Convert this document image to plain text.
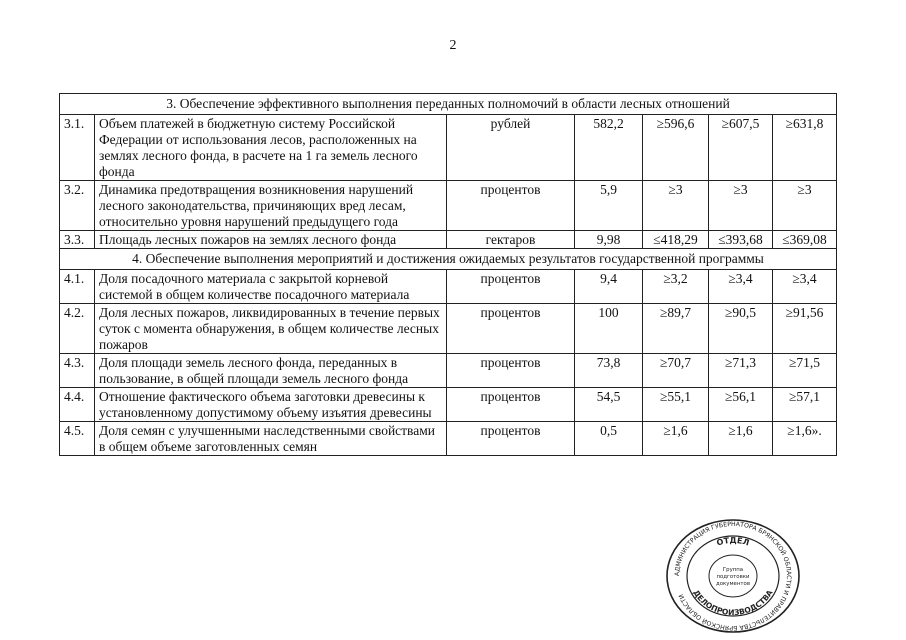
2
3. Обеспечение эффективного выполнения переданных полномочий в области лесных отношений						
3.1.	Объем платежей в бюджетную систему Российской Федерации от использования лесов, расположенных на землях лесного фонда, в расчете на 1 га земель лесного фонда	рублей	582,2	≥596,6	≥607,5	≥631,8
3.2.	Динамика предотвращения возникновения нарушений лесного законодательства, причиняющих вред лесам, относительно уровня нарушений предыдущего года	процентов	5,9	≥3	≥3	≥3
3.3.	Площадь лесных пожаров на землях лесного фонда	гектаров	9,98	≤418,29	≤393,68	≤369,08
4. Обеспечение выполнения мероприятий и достижения ожидаемых результатов государственной программы						
4.1.	Доля посадочного материала с закрытой корневой системой в общем количестве посадочного материала	процентов	9,4	≥3,2	≥3,4	≥3,4
4.2.	Доля лесных пожаров, ликвидированных в течение первых суток с момента обнаружения, в общем количестве лесных пожаров	процентов	100	≥89,7	≥90,5	≥91,56
4.3.	Доля площади земель лесного фонда, переданных в пользование, в общей площади земель лесного фонда	процентов	73,8	≥70,7	≥71,3	≥71,5
4.4.	Отношение фактического объема заготовки древесины к установленному допустимому объему изъятия древесины	процентов	54,5	≥55,1	≥56,1	≥57,1
4.5.	Доля семян с улучшенными наследственными свойствами в общем объеме заготовленных семян	процентов	0,5	≥1,6	≥1,6	≥1,6».
АДМИНИСТРАЦИЯ ГУБЕРНАТОРА БРЯНСКОЙ ОБЛАСТИ И ПРАВИТЕЛЬСТВА БРЯНСКОЙ ОБЛАСТИ
ОТДЕЛ
ДЕЛОПРОИЗВОДСТВА
Группа
подготовки
документов
